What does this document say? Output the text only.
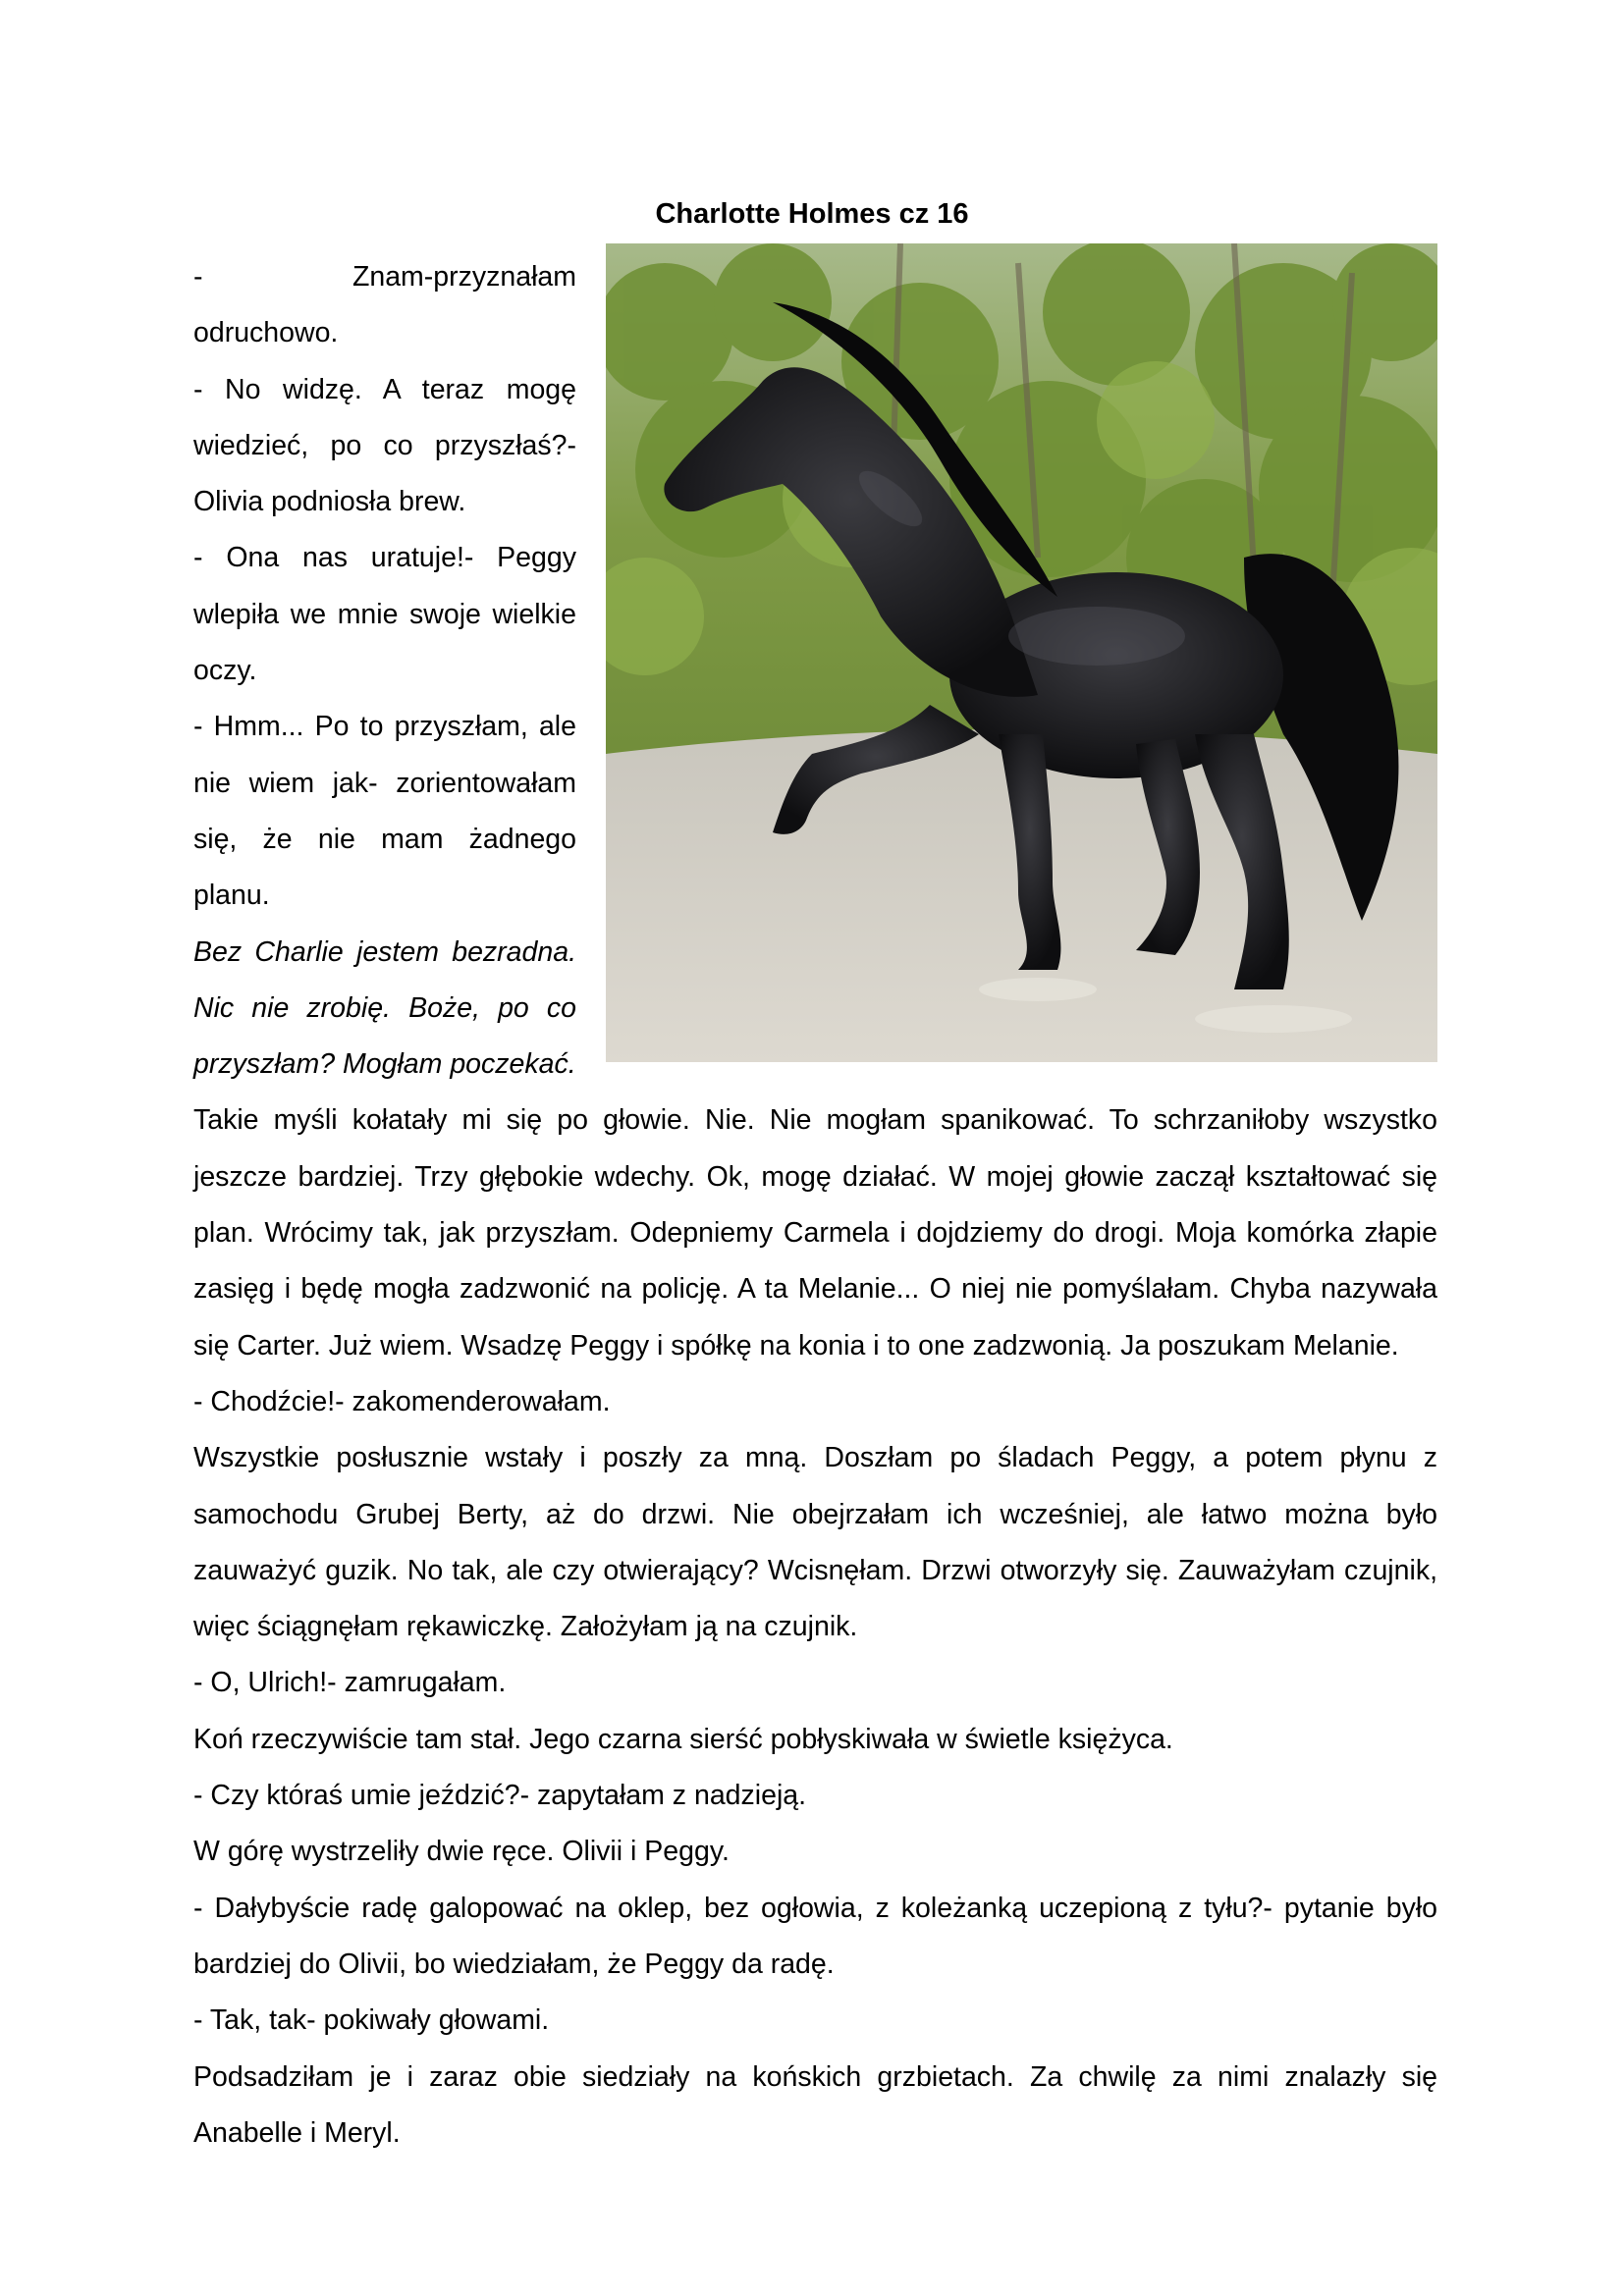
Charlotte Holmes cz 16

- Znam-przyznałam odruchowo.

- No widzę. A teraz mogę wiedzieć, po co przyszłaś?- Olivia podniosła brew.

- Ona nas uratuje!- Peggy wlepiła we mnie swoje wielkie oczy.

- Hmm... Po to przyszłam, ale nie wiem jak- zorientowałam się, że nie mam żadnego planu.

Bez Charlie jestem bezradna. Nic nie zrobię. Boże, po co przyszłam? Mogłam poczekać.

Takie myśli kołatały mi się po głowie. Nie. Nie mogłam spanikować. To schrzaniłoby wszystko jeszcze bardziej. Trzy głębokie wdechy. Ok, mogę działać. W mojej głowie zaczął kształtować się plan. Wrócimy tak, jak przyszłam. Odepniemy Carmela i dojdziemy do drogi. Moja komórka złapie zasięg i będę mogła zadzwonić na policję. A ta Melanie... O niej nie pomyślałam. Chyba nazywała się Carter. Już wiem. Wsadzę Peggy i spółkę na konia i to one zadzwonią. Ja poszukam Melanie.

- Chodźcie!- zakomenderowałam.

Wszystkie posłusznie wstały i poszły za mną. Doszłam po śladach Peggy, a potem płynu z samochodu Grubej Berty, aż do drzwi. Nie obejrzałam ich wcześniej, ale łatwo można było zauważyć guzik. No tak, ale czy otwierający? Wcisnęłam. Drzwi otworzyły się. Zauważyłam czujnik, więc ściągnęłam rękawiczkę. Założyłam ją na czujnik.

- O, Ulrich!- zamrugałam.

Koń rzeczywiście tam stał. Jego czarna sierść pobłyskiwała w świetle księżyca.

- Czy któraś umie jeździć?- zapytałam z nadzieją.

W górę wystrzeliły dwie ręce. Olivii i Peggy.

- Dałybyście radę galopować na oklep, bez ogłowia, z koleżanką uczepioną z tyłu?- pytanie było bardziej do Olivii, bo wiedziałam, że Peggy da radę.

- Tak, tak- pokiwały głowami.

Podsadziłam je i zaraz obie siedziały na końskich grzbietach. Za chwilę za nimi znalazły się Anabelle i Meryl.
